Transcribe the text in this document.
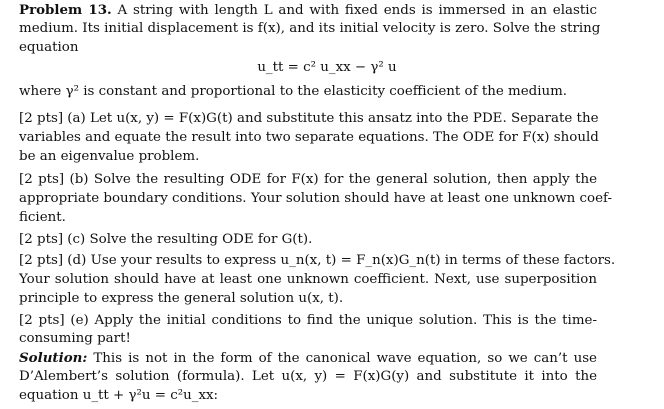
Problem 13. A string with length L and with fixed ends is immersed in an elastic
medium. Its initial displacement is f(x), and its initial velocity is zero. Solve the string
equation
u_tt = c² u_xx − γ² u
where γ² is constant and proportional to the elasticity coefficient of the medium.
[2 pts] (a) Let u(x, y) = F(x)G(t) and substitute this ansatz into the PDE. Separate the
variables and equate the result into two separate equations. The ODE for F(x) should
be an eigenvalue problem.
[2 pts] (b) Solve the resulting ODE for F(x) for the general solution, then apply the
appropriate boundary conditions. Your solution should have at least one unknown coef-
ficient.
[2 pts] (c) Solve the resulting ODE for G(t).
[2 pts] (d) Use your results to express u_n(x, t) = F_n(x)G_n(t) in terms of these factors.
Your solution should have at least one unknown coefficient. Next, use superposition
principle to express the general solution u(x, t).
[2 pts] (e) Apply the initial conditions to find the unique solution. This is the time-
consuming part!
Solution: This is not in the form of the canonical wave equation, so we can’t use
D’Alembert’s solution (formula). Let u(x, y) = F(x)G(y) and substitute it into the
equation u_tt + γ²u = c²u_xx:
